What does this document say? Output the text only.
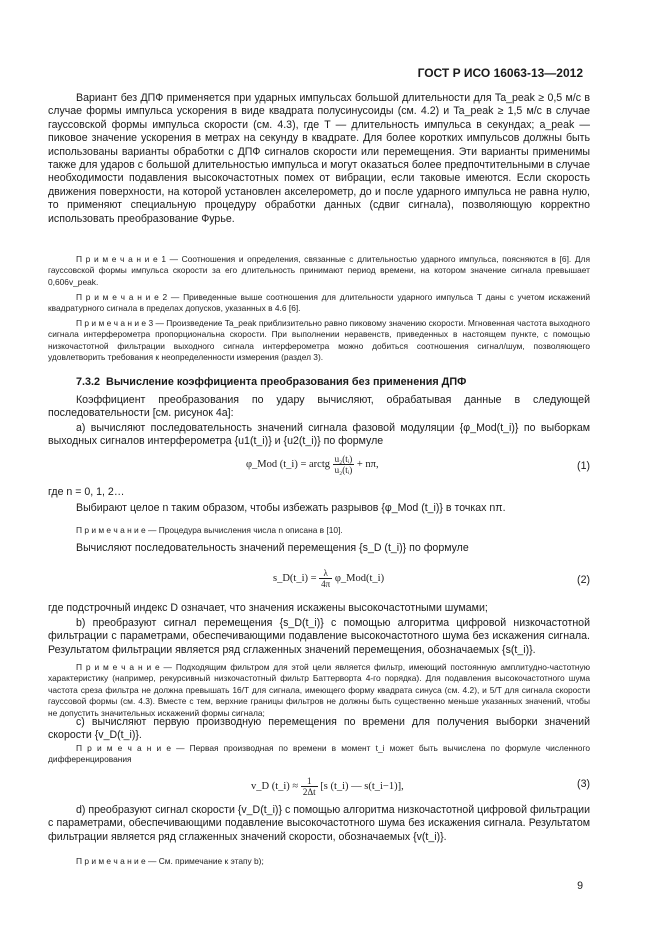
ГОСТ Р ИСО 16063-13—2012

Вариант без ДПФ применяется при ударных импульсах большой длительности для Ta_peak ≥ 0,5 м/с в случае формы импульса ускорения в виде квадрата полусинусоиды (см. 4.2) и Ta_peak ≥ 1,5 м/с в случае гауссовской формы импульса скорости (см. 4.3), где T — длительность импульса в секундах; a_peak — пиковое значение ускорения в метрах на секунду в квадрате. Для более коротких импульсов должны быть использованы варианты обработки с ДПФ сигналов скорости или перемещения. Эти варианты применимы также для ударов с большой длительностью импульса и могут оказаться более предпочтительными в случае необходимости подавления высокочастотных помех от вибрации, если таковые имеются. Если скорость движения поверхности, на которой установлен акселерометр, до и после ударного импульса не равна нулю, то применяют специальную процедуру обработки данных (сдвиг сигнала), позволяющую корректно использовать преобразование Фурье.

П р и м е ч а н и е 1 — Соотношения и определения, связанные с длительностью ударного импульса, поясняются в [6]. Для гауссовской формы импульса скорости за его длительность принимают период времени, на котором значение сигнала превышает 0,606v_peak.

П р и м е ч а н и е 2 — Приведенные выше соотношения для длительности ударного импульса T даны с учетом искажений квадратурного сигнала в пределах допусков, указанных в 4.6 [6].

П р и м е ч а н и е 3 — Произведение Ta_peak приблизительно равно пиковому значению скорости. Мгновенная частота выходного сигнала интерферометра пропорциональна скорости. При выполнении неравенств, приведенных в настоящем пункте, с помощью низкочастотной фильтрации выходного сигнала интерферометра можно добиться соотношения сигнал/шум, позволяющего удовлетворить требования к неопределенности измерения (раздел 3).

7.3.2 Вычисление коэффициента преобразования без применения ДПФ

Коэффициент преобразования по удару вычисляют, обрабатывая данные в следующей последовательности [см. рисунок 4а]:

а) вычисляют последовательность значений сигнала фазовой модуляции {φ_Mod(t_i)} по выборкам выходных сигналов интерферометра {u1(t_i)} и {u2(t_i)} по формуле

φ_Mod (t_i) = arctg $\frac{\text{u₂(tᵢ)}}{\text{u₂(tᵢ)}} + n\pi$,	(1)

где n = 0, 1, 2…

Выбирают целое n таким образом, чтобы избежать разрывов {φ_Mod (t_i)} в точках nπ.

П р и м е ч а н и е — Процедура вычисления числа n описана в [10].

Вычисляют последовательность значений перемещения {s_D (t_i)} по формуле

s_D(t_i) = $\frac{\lambda}{4\pi}$ φ_Mod(t_i)	(2)

где подстрочный индекс D означает, что значения искажены высокочастотными шумами;

b) преобразуют сигнал перемещения {s_D(t_i)} с помощью алгоритма цифровой низкочастотной фильтрации с параметрами, обеспечивающими подавление высокочастотного шума без искажения сигнала. Результатом фильтрации является ряд сглаженных значений перемещения, обозначаемых {s(t_i)}.

П р и м е ч а н и е — Подходящим фильтром для этой цели является фильтр, имеющий постоянную амплитудно-частотную характеристику (например, рекурсивный низкочастотный фильтр Баттерворта 4-го порядка). Для подавления высокочастотного шума частота среза фильтра не должна превышать 16/T для сигнала, имеющего форму квадрата синуса (см. 4.2), и 5/T для сигнала скорости гауссовой формы (см. 4.3). Вместе с тем, верхние границы фильтров не должны быть существенно меньше указанных значений, чтобы не допустить значительных искажений формы сигнала;

c) вычисляют первую производную перемещения по времени для получения выборки значений скорости {v_D(t_i)}.

П р и м е ч а н и е — Первая производная по времени в момент t_i может быть вычислена по формуле численного дифференцирования

v_D (t_i) ≈ $\frac{1}{2\Delta t} [s$ (t_i) — s(t_i−1)],	(3)

d) преобразуют сигнал скорости {v_D(t_i)} с помощью алгоритма низкочастотной цифровой фильтрации с параметрами, обеспечивающими подавление высокочастотного шума без искажения сигнала. Результатом фильтрации является ряд сглаженных значений скорости, обозначаемых {v(t_i)}.

П р и м е ч а н и е — См. примечание к этапу b);

9
